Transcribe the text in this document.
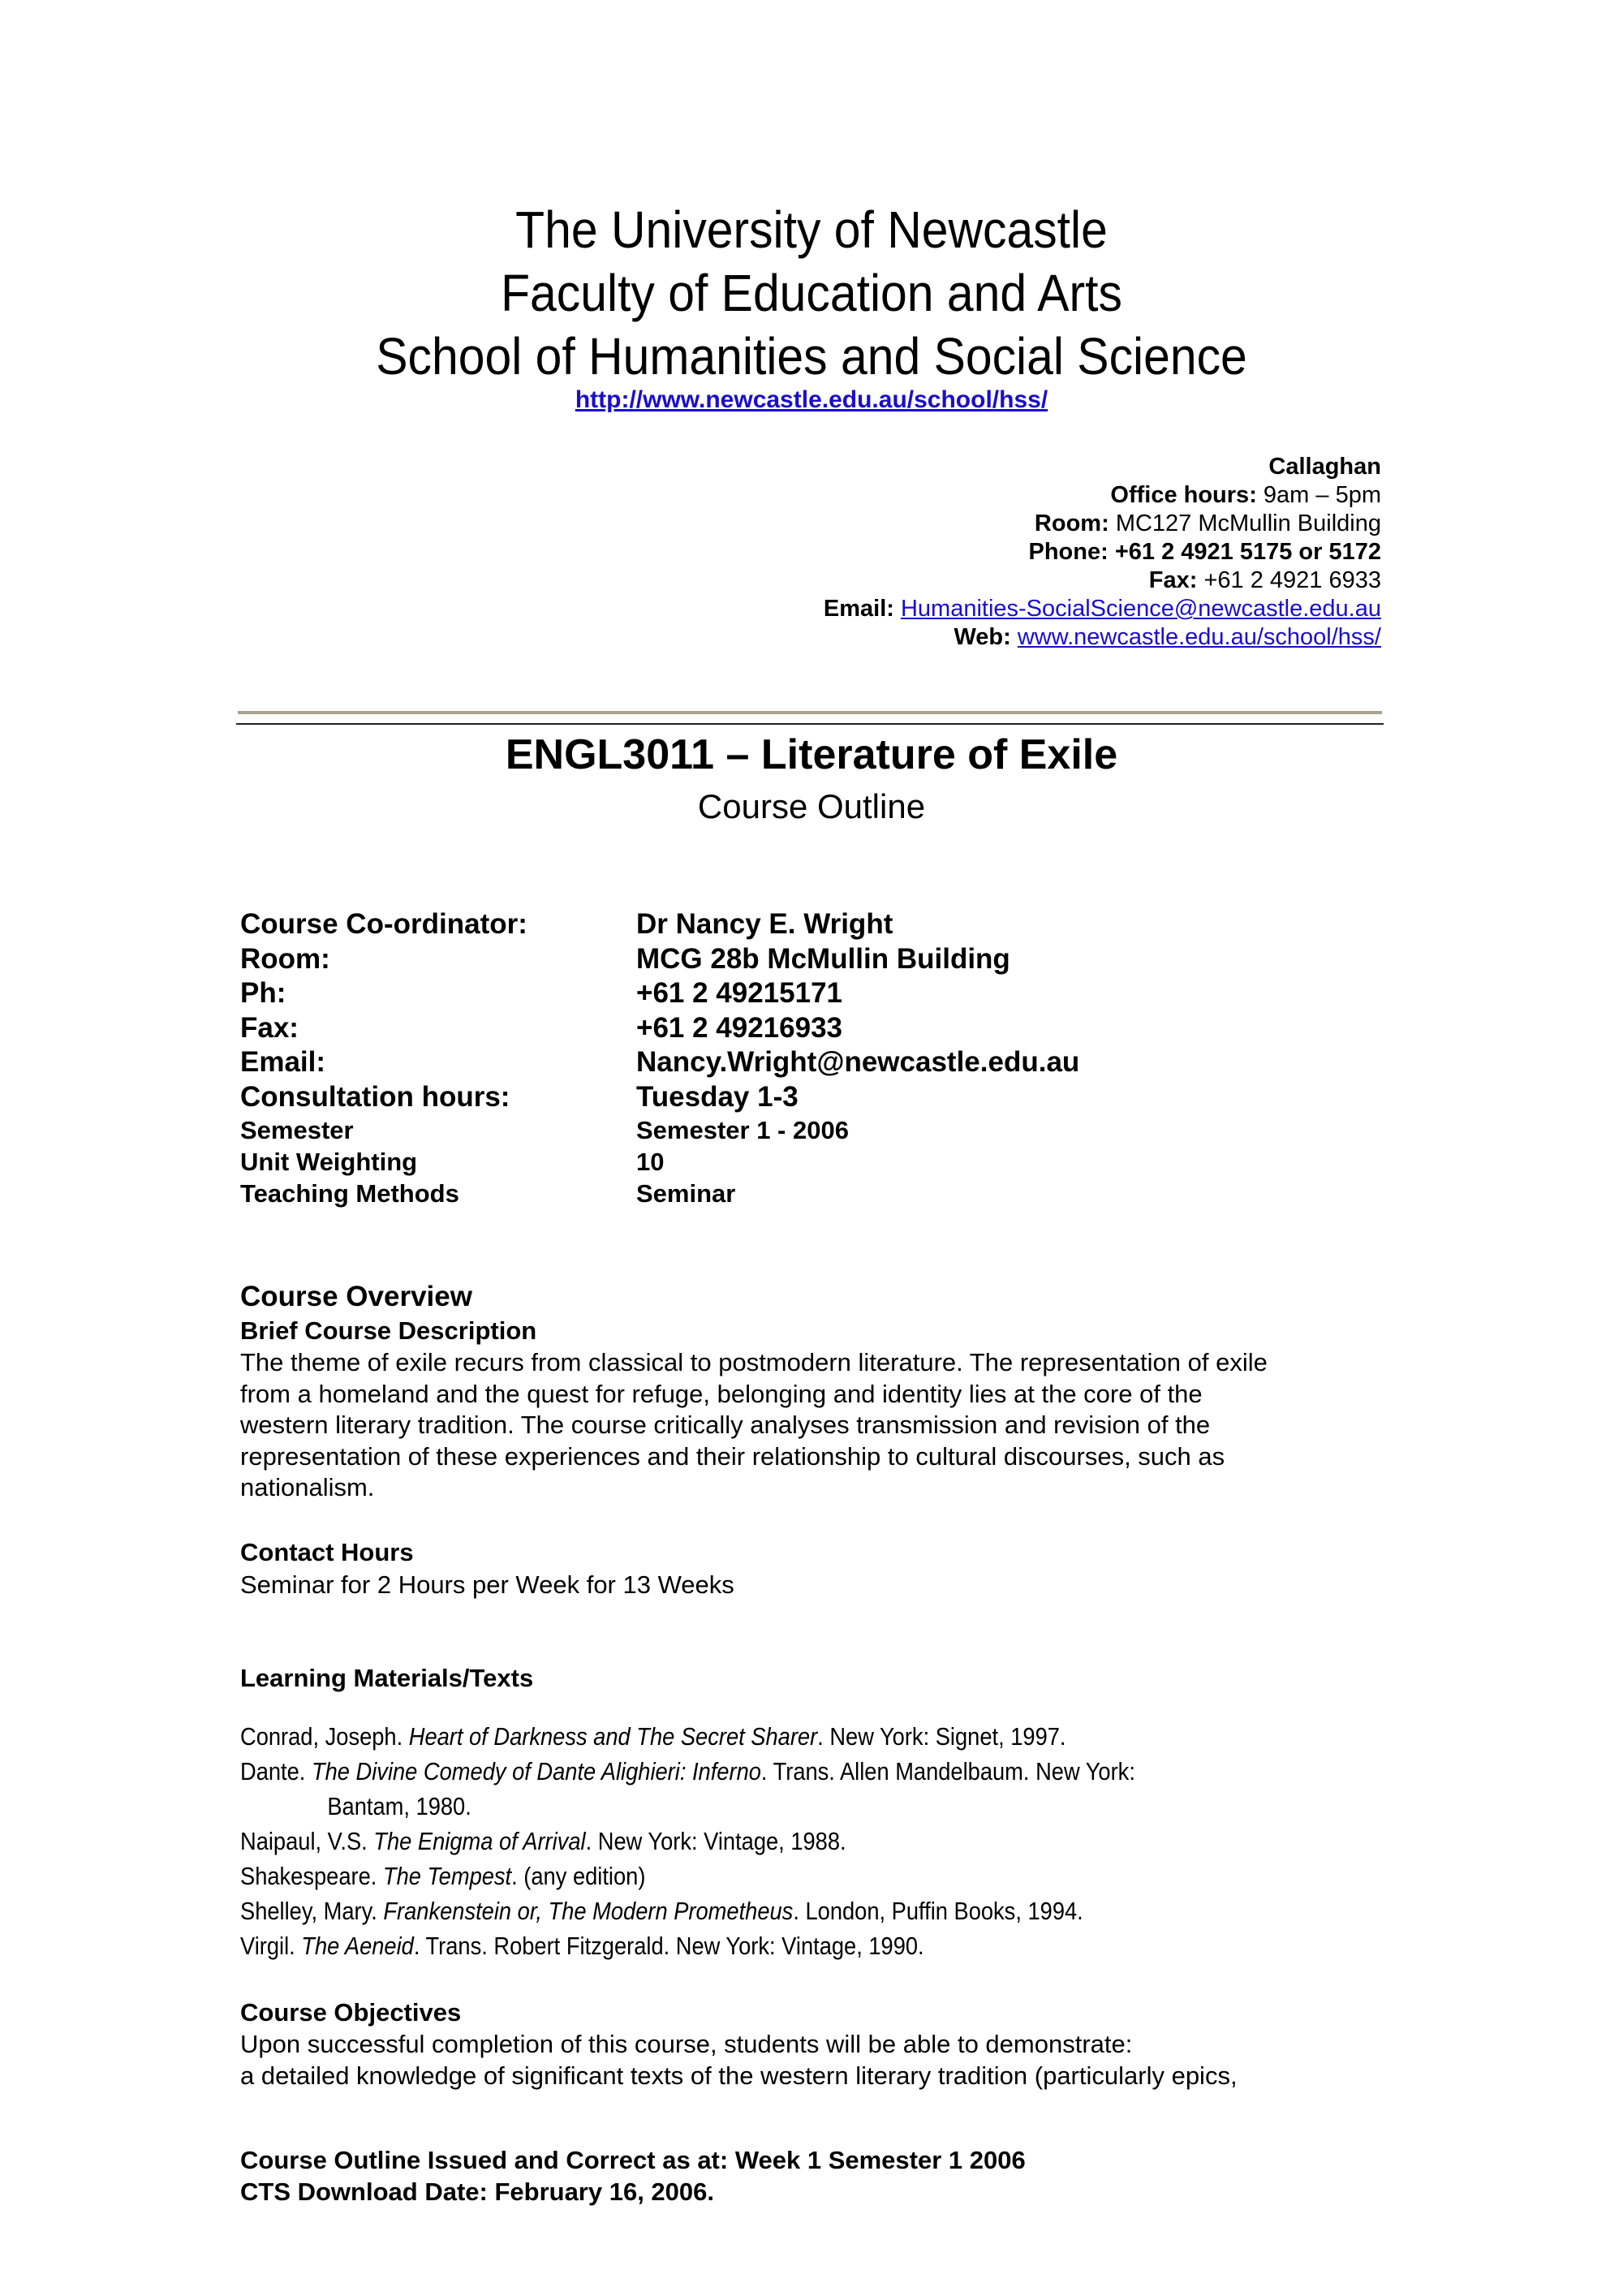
The University of Newcastle
Faculty of Education and Arts
School of Humanities and Social Science
http://www.newcastle.edu.au/school/hss/
Callaghan
Office hours: 9am – 5pm
Room: MC127 McMullin Building
Phone: +61 2 4921 5175 or 5172
Fax: +61 2 4921 6933
Email: Humanities-SocialScience@newcastle.edu.au
Web: www.newcastle.edu.au/school/hss/
ENGL3011 – Literature of Exile
Course Outline
Course Co-ordinator:	Dr Nancy E. Wright
Room:	MCG 28b McMullin Building
Ph:	+61 2 49215171
Fax:	+61 2 49216933
Email:	Nancy.Wright@newcastle.edu.au
Consultation hours:	Tuesday 1-3
Semester	Semester 1 - 2006
Unit Weighting	10
Teaching Methods	Seminar
Course Overview
Brief Course Description
The theme of exile recurs from classical to postmodern literature. The representation of exile
from a homeland and the quest for refuge, belonging and identity lies at the core of the
western literary tradition. The course critically analyses transmission and revision of the
representation of these experiences and their relationship to cultural discourses, such as
nationalism.
Contact Hours
Seminar for 2 Hours per Week for 13 Weeks
Learning Materials/Texts
Conrad, Joseph. Heart of Darkness and The Secret Sharer. New York: Signet, 1997.
Dante. The Divine Comedy of Dante Alighieri: Inferno. Trans. Allen Mandelbaum. New York:
Bantam, 1980.
Naipaul, V.S. The Enigma of Arrival. New York: Vintage, 1988.
Shakespeare. The Tempest. (any edition)
Shelley, Mary. Frankenstein or, The Modern Prometheus. London, Puffin Books, 1994.
Virgil. The Aeneid. Trans. Robert Fitzgerald. New York: Vintage, 1990.
Course Objectives
Upon successful completion of this course, students will be able to demonstrate:
a detailed knowledge of significant texts of the western literary tradition (particularly epics,
Course Outline Issued and Correct as at: Week 1 Semester 1 2006
CTS Download Date: February 16, 2006.
